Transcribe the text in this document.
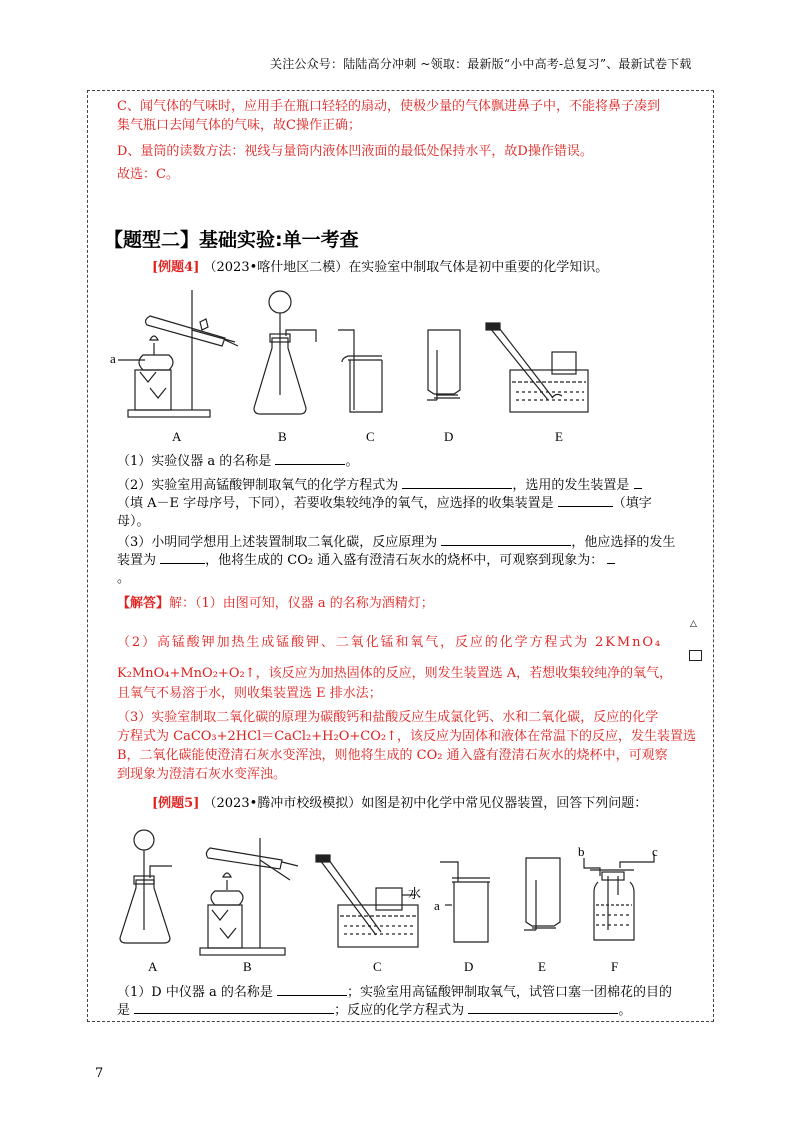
关注公众号：陆陆高分冲刺 ~领取：最新版“小中高考-总复习”、最新试卷下载
C、闻气体的气味时，应用手在瓶口轻轻的扇动，使极少量的气体飘进鼻子中，不能将鼻子凑到
集气瓶口去闻气体的气味，故C操作正确；
D、量筒的读数方法：视线与量筒内液体凹液面的最低处保持水平，故D操作错误。
故选：C。
【题型二】基础实验:单一考查
[例题4] （2023•喀什地区二模）在实验室中制取气体是初中重要的化学知识。
a
A	B	C	D	E
（1）实验仪器 a 的名称是	。
（2）实验室用高锰酸钾制取氧气的化学方程式为	，选用的发生装置是
（填 A－E 字母序号，下同），若要收集较纯净的氧气，应选择的收集装置是	（填字
母）。
（3）小明同学想用上述装置制取二氧化碳，反应原理为	，他应选择的发生
装置为	，他将生成的 CO₂ 通入盛有澄清石灰水的烧杯中，可观察到现象为：
。
【解答】解：（1）由图可知，仪器 a 的名称为酒精灯；
（2）高锰酸钾加热生成锰酸钾、二氧化锰和氧气，反应的化学方程式为 2KMnO₄
△
K₂MnO₄+MnO₂+O₂↑，该反应为加热固体的反应，则发生装置选 A，若想收集较纯净的氧气，
且氧气不易溶于水，则收集装置选 E 排水法；
（3）实验室制取二氧化碳的原理为碳酸钙和盐酸反应生成氯化钙、水和二氧化碳，反应的化学
方程式为 CaCO₃+2HCl＝CaCl₂+H₂O+CO₂↑，该反应为固体和液体在常温下的反应，发生装置选
B，二氧化碳能使澄清石灰水变浑浊，则他将生成的 CO₂ 通入盛有澄清石灰水的烧杯中，可观察
到现象为澄清石灰水变浑浊。
[例题5] （2023•腾冲市校级模拟）如图是初中化学中常见仪器装置，回答下列问题：
水
a
b	c
A	B	C	D	E	F
（1）D 中仪器 a 的名称是	；实验室用高锰酸钾制取氧气，试管口塞一团棉花的目的
是	；反应的化学方程式为	。
7
